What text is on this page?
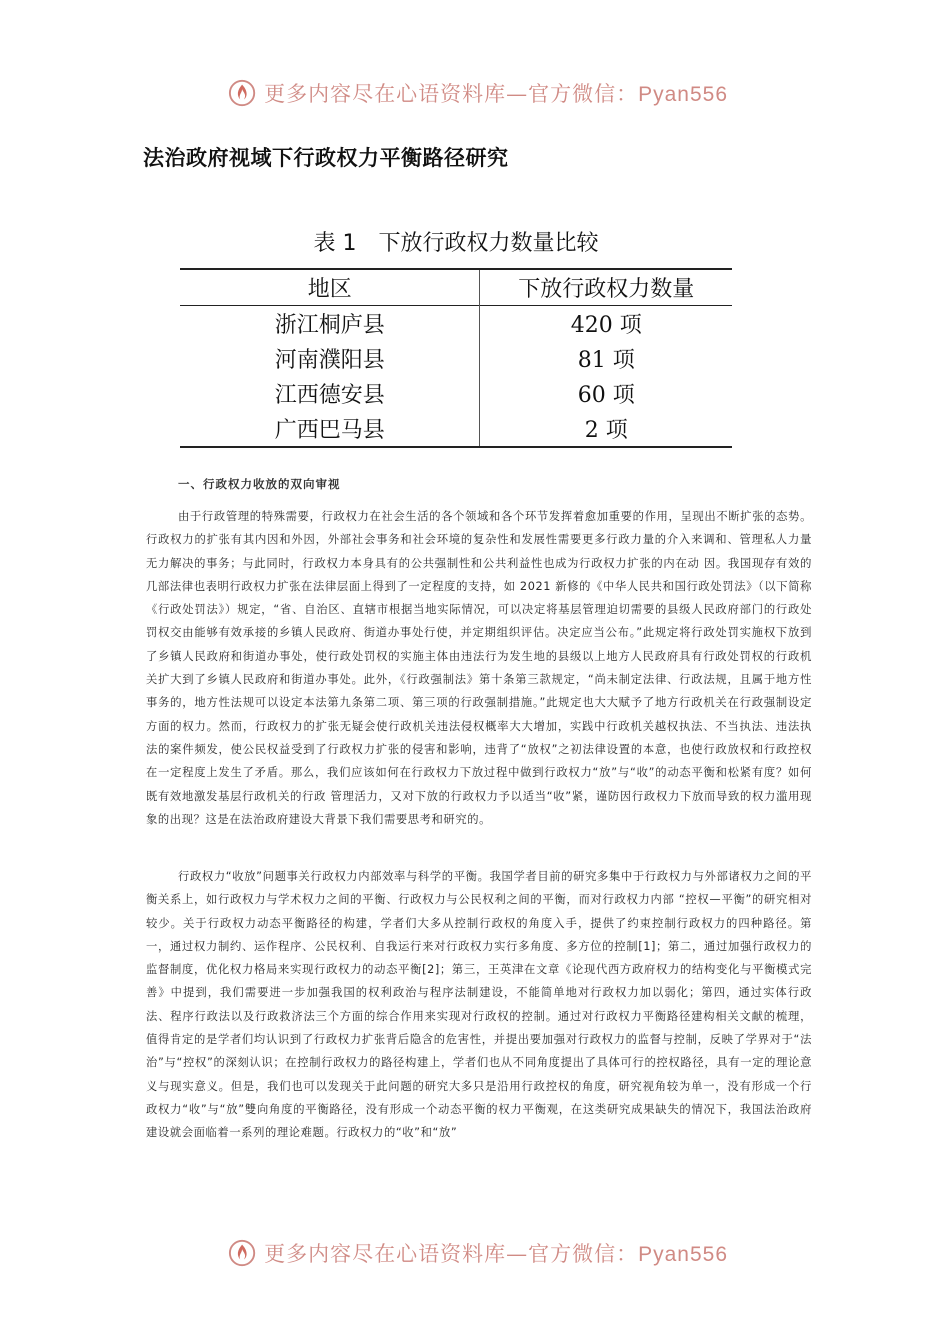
更多内容尽在心语资料库—官方微信：Pyan556
法治政府视域下行政权力平衡路径研究
表 1　下放行政权力数量比较
地区	下放行政权力数量
浙江桐庐县	420 项
河南濮阳县	81 项
江西德安县	60 项
广西巴马县	2 项
一、行政权力收放的双向审视

由于行政管理的特殊需要，行政权力在社会生活的各个领域和各个环节发挥着愈加重要的作用，呈现出不断扩张的态势。行政权力的扩张有其内因和外因，外部社会事务和社会环境的复杂性和发展性需要更多行政力量的介入来调和、管理私人力量无力解决的事务；与此同时，行政权力本身具有的公共强制性和公共利益性也成为行政权力扩张的内在动 因。我国现存有效的几部法律也表明行政权力扩张在法律层面上得到了一定程度的支持，如 2021 新修的《中华人民共和国行政处罚法》（以下简称《行政处罚法》）规定，“省、自治区、直辖市根据当地实际情况，可以决定将基层管理迫切需要的县级人民政府部门的行政处罚权交由能够有效承接的乡镇人民政府、街道办事处行使，并定期组织评估。决定应当公布。”此规定将行政处罚实施权下放到了乡镇人民政府和街道办事处，使行政处罚权的实施主体由违法行为发生地的县级以上地方人民政府具有行政处罚权的行政机关扩大到了乡镇人民政府和街道办事处。此外，《行政强制法》第十条第三款规定，“尚未制定法律、行政法规，且属于地方性事务的，地方性法规可以设定本法第九条第二项、第三项的行政强制措施。”此规定也大大赋予了地方行政机关在行政强制设定方面的权力。然而，行政权力的扩张无疑会使行政机关违法侵权概率大大增加，实践中行政机关越权执法、不当执法、违法执法的案件频发，使公民权益受到了行政权力扩张的侵害和影响，违背了“放权”之初法律设置的本意，也使行政放权和行政控权在一定程度上发生了矛盾。那么，我们应该如何在行政权力下放过程中做到行政权力“放”与“收”的动态平衡和松紧有度？如何既有效地激发基层行政机关的行政 管理活力，又对下放的行政权力予以适当“收”紧，谨防因行政权力下放而导致的权力滥用现象的出现？这是在法治政府建设大背景下我们需要思考和研究的。

行政权力“收放”问题事关行政权力内部效率与科学的平衡。我国学者目前的研究多集中于行政权力与外部诸权力之间的平衡关系上，如行政权力与学术权力之间的平衡、行政权力与公民权利之间的平衡，而对行政权力内部 “控权—平衡”的研究相对较少。关于行政权力动态平衡路径的构建，学者们大多从控制行政权的角度入手，提供了约束控制行政权力的四种路径。第一，通过权力制约、运作程序、公民权利、自我运行来对行政权力实行多角度、多方位的控制[1]；第二，通过加强行政权力的监督制度，优化权力格局来实现行政权力的动态平衡[2]；第三，王英津在文章《论现代西方政府权力的结构变化与平衡模式完善》中提到，我们需要进一步加强我国的权利政治与程序法制建设，不能简单地对行政权力加以弱化；第四，通过实体行政法、程序行政法以及行政救济法三个方面的综合作用来实现对行政权的控制。通过对行政权力平衡路径建构相关文献的梳理，值得肯定的是学者们均认识到了行政权力扩张背后隐含的危害性，并提出要加强对行政权力的监督与控制，反映了学界对于“法治”与“控权”的深刻认识；在控制行政权力的路径构建上，学者们也从不同角度提出了具体可行的控权路径，具有一定的理论意义与现实意义。但是，我们也可以发现关于此问题的研究大多只是沿用行政控权的角度，研究视角较为单一，没有形成一个行政权力“收”与“放”雙向角度的平衡路径，没有形成一个动态平衡的权力平衡观，在这类研究成果缺失的情况下，我国法治政府建设就会面临着一系列的理论难题。行政权力的“收”和“放”

更多内容尽在心语资料库—官方微信：Pyan556
